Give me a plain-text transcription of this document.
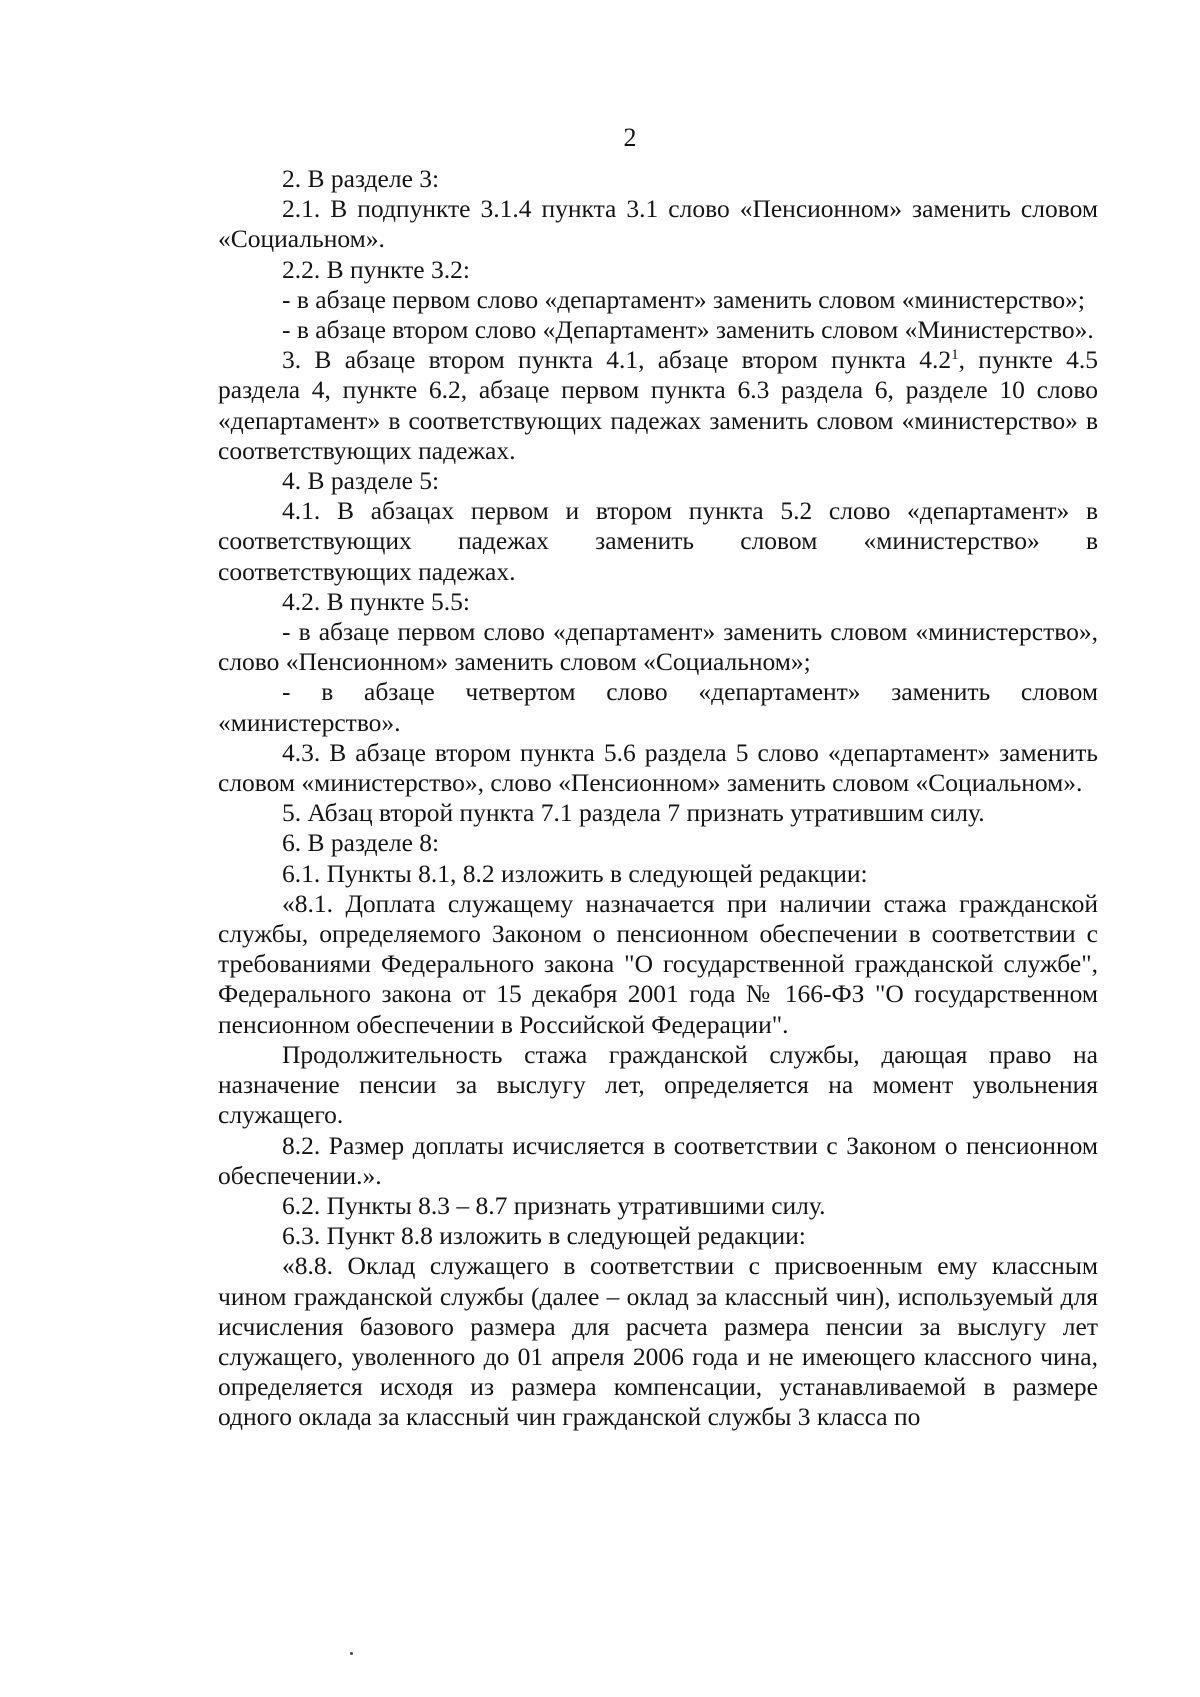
2

2. В разделе 3:

2.1. В подпункте 3.1.4 пункта 3.1 слово «Пенсионном» заменить словом «Социальном».

2.2. В пункте 3.2:

- в абзаце первом слово «департамент» заменить словом «министерство»;

- в абзаце втором слово «Департамент» заменить словом «Министерство».

3. В абзаце втором пункта 4.1, абзаце втором пункта $4.2^1$, пункте 4.5 раздела 4, пункте 6.2, абзаце первом пункта 6.3 раздела 6, разделе 10 слово «департамент» в соответствующих падежах заменить словом «министерство» в соответствующих падежах.

4. В разделе 5:

4.1. В абзацах первом и втором пункта 5.2 слово «департамент» в соответствующих падежах заменить словом «министерство» в соответствующих падежах.

4.2. В пункте 5.5:

- в абзаце первом слово «департамент» заменить словом «министерство», слово «Пенсионном» заменить словом «Социальном»;

- в абзаце четвертом слово «департамент» заменить словом «министерство».

4.3. В абзаце втором пункта 5.6 раздела 5 слово «департамент» заменить словом «министерство», слово «Пенсионном» заменить словом «Социальном».

5. Абзац второй пункта 7.1 раздела 7 признать утратившим силу.

6. В разделе 8:

6.1. Пункты 8.1, 8.2 изложить в следующей редакции:

«8.1. Доплата служащему назначается при наличии стажа гражданской службы, определяемого Законом о пенсионном обеспечении в соответствии с требованиями Федерального закона "О государственной гражданской службе", Федерального закона от 15 декабря 2001 года № 166-ФЗ "О государственном пенсионном обеспечении в Российской Федерации".

Продолжительность стажа гражданской службы, дающая право на назначение пенсии за выслугу лет, определяется на момент увольнения служащего.

8.2. Размер доплаты исчисляется в соответствии с Законом о пенсионном обеспечении.».

6.2. Пункты 8.3 – 8.7 признать утратившими силу.

6.3. Пункт 8.8 изложить в следующей редакции:

«8.8. Оклад служащего в соответствии с присвоенным ему классным чином гражданской службы (далее – оклад за классный чин), используемый для исчисления базового размера для расчета размера пенсии за выслугу лет служащего, уволенного до 01 апреля 2006 года и не имеющего классного чина, определяется исходя из размера компенсации, устанавливаемой в размере одного оклада за классный чин гражданской службы 3 класса по
